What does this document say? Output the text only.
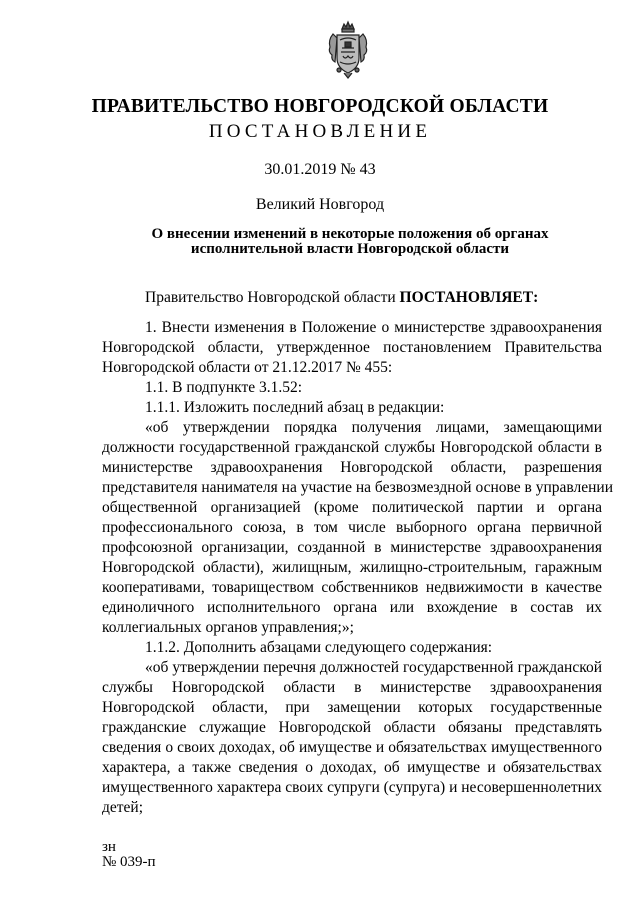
ПРАВИТЕЛЬСТВО НОВГОРОДСКОЙ ОБЛАСТИ
ПОСТАНОВЛЕНИЕ
30.01.2019 № 43
Великий Новгород
О внесении изменений в некоторые положения об органах
исполнительной власти Новгородской области
Правительство Новгородской области ПОСТАНОВЛЯЕТ:
1. Внести изменения в Положение о министерстве здравоохранения
Новгородской области, утвержденное постановлением Правительства
Новгородской области от 21.12.2017 № 455:
1.1. В подпункте 3.1.52:
1.1.1. Изложить последний абзац в редакции:
«об утверждении порядка получения лицами, замещающими
должности государственной гражданской службы Новгородской области в
министерстве здравоохранения Новгородской области, разрешения
представителя нанимателя на участие на безвозмездной основе в управлении
общественной организацией (кроме политической партии и органа
профессионального союза, в том числе выборного органа первичной
профсоюзной организации, созданной в министерстве здравоохранения
Новгородской области), жилищным, жилищно-строительным, гаражным
кооперативами, товариществом собственников недвижимости в качестве
единоличного исполнительного органа или вхождение в состав их
коллегиальных органов управления;»;
1.1.2. Дополнить абзацами следующего содержания:
«об утверждении перечня должностей государственной гражданской
службы Новгородской области в министерстве здравоохранения
Новгородской области, при замещении которых государственные
гражданские служащие Новгородской области обязаны представлять
сведения о своих доходах, об имуществе и обязательствах имущественного
характера, а также сведения о доходах, об имуществе и обязательствах
имущественного характера своих супруги (супруга) и несовершеннолетних
детей;
зн
№ 039-п
